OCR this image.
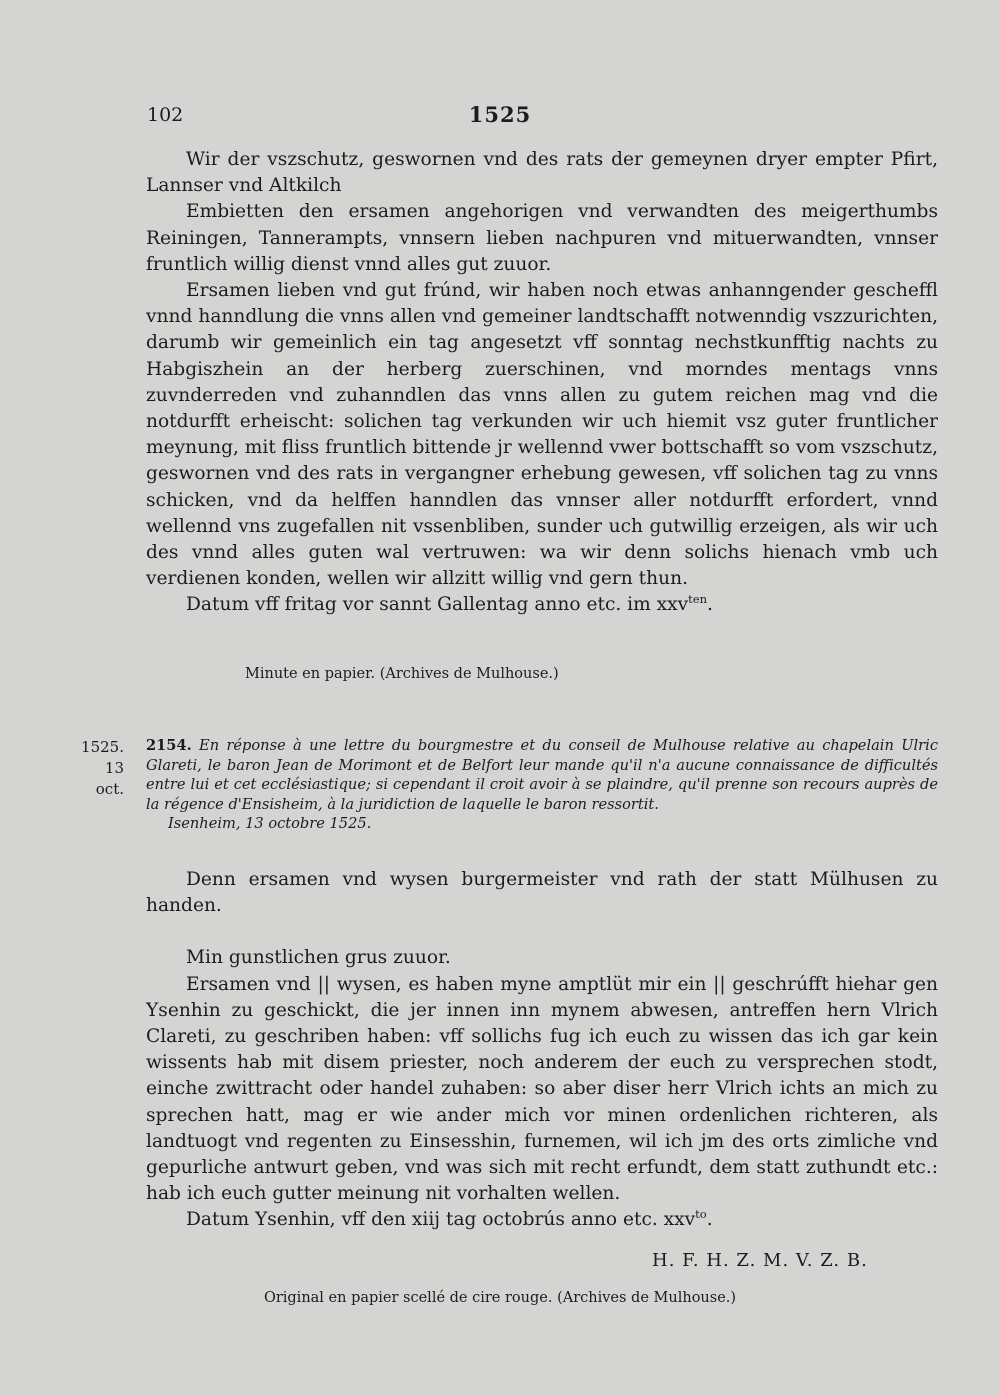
102	1525

Wir der vszschutz, geswornen vnd des rats der gemeynen dryer empter Pfirt, Lannser vnd Altkilch

Embietten den ersamen angehorigen vnd verwandten des meigerthumbs Reiningen, Tannerampts, vnnsern lieben nachpuren vnd mituerwandten, vnnser fruntlich willig dienst vnnd alles gut zuuor.

Ersamen lieben vnd gut frúnd, wir haben noch etwas anhanngender gescheffl vnnd hanndlung die vnns allen vnd gemeiner landtschafft notwenndig vszzurichten, darumb wir gemeinlich ein tag angesetzt vff sonntag nechstkunfftig nachts zu Habgiszhein an der herberg zuerschinen, vnd morndes mentags vnns zuvnderreden vnd zuhanndlen das vnns allen zu gutem reichen mag vnd die notdurfft erheischt: solichen tag verkunden wir uch hiemit vsz guter fruntlicher meynung, mit fliss fruntlich bittende jr wellennd vwer bottschafft so vom vszschutz, geswornen vnd des rats in vergangner erhebung gewesen, vff solichen tag zu vnns schicken, vnd da helffen hanndlen das vnnser aller notdurfft erfordert, vnnd wellennd vns zugefallen nit vssenbliben, sunder uch gutwillig erzeigen, als wir uch des vnnd alles guten wal vertruwen: wa wir denn solichs hienach vmb uch verdienen konden, wellen wir allzitt willig vnd gern thun.

Datum vff fritag vor sannt Gallentag anno etc. im xxv$^{ten}$.

Minute en papier. (Archives de Mulhouse.)

1525.
13 oct.

2154. En réponse à une lettre du bourgmestre et du conseil de Mulhouse relative au chapelain Ulric Glareti, le baron Jean de Morimont et de Belfort leur mande qu'il n'a aucune connaissance de difficultés entre lui et cet ecclésiastique; si cependant il croit avoir à se plaindre, qu'il prenne son recours auprès de la régence d'Ensisheim, à la juridiction de laquelle le baron ressortit.

Isenheim, 13 octobre 1525.

Denn ersamen vnd wysen burgermeister vnd rath der statt Mülhusen zu handen.

Min gunstlichen grus zuuor.

Ersamen vnd || wysen, es haben myne amptlüt mir ein || geschrúfft hiehar gen Ysenhin zu geschickt, die jer innen inn mynem abwesen, antreffen hern Vlrich Clareti, zu geschriben haben: vff sollichs fug ich euch zu wissen das ich gar kein wissents hab mit disem priester, noch anderem der euch zu versprechen stodt, einche zwittracht oder handel zuhaben: so aber diser herr Vlrich ichts an mich zu sprechen hatt, mag er wie ander mich vor minen ordenlichen richteren, als landtuogt vnd regenten zu Einsesshin, furnemen, wil ich jm des orts zimliche vnd gepurliche antwurt geben, vnd was sich mit recht erfundt, dem statt zuthundt etc.: hab ich euch gutter meinung nit vorhalten wellen.

Datum Ysenhin, vff den xiij tag octobrús anno etc. xxv$^{to}$.

H. F. H. Z. M. V. Z. B.
Original en papier scellé de cire rouge. (Archives de Mulhouse.)
